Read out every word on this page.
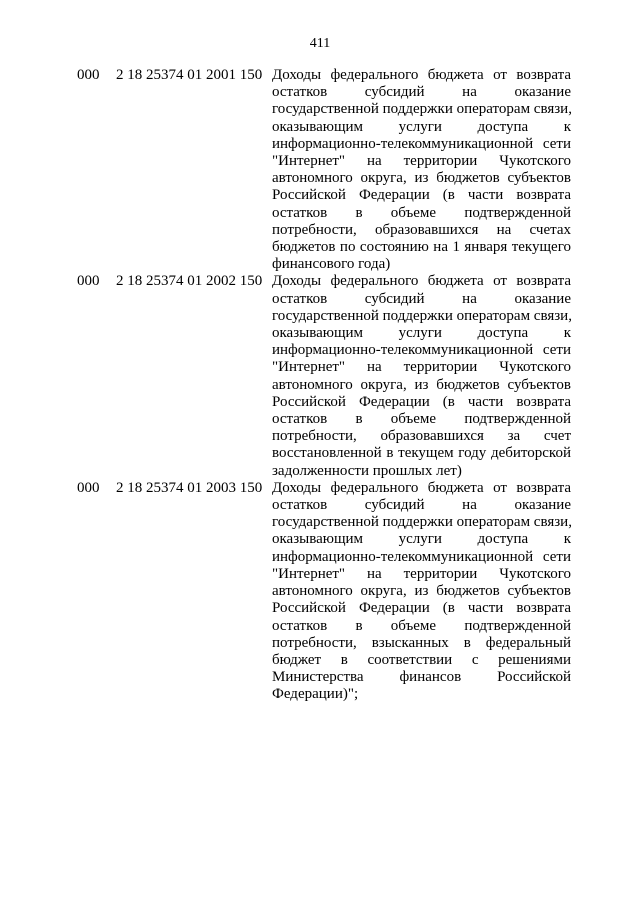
411
000	2 18 25374 01 2001 150 Доходы федерального бюджета от возврата
остатков субсидий на оказание
государственной поддержки операторам связи,
оказывающим услуги доступа к
информационно-телекоммуникационной сети
"Интернет" на территории Чукотского
автономного округа, из бюджетов субъектов
Российской Федерации (в части возврата
остатков в объеме подтвержденной
потребности, образовавшихся на счетах
бюджетов по состоянию на 1 января текущего
финансового года)
000	2 18 25374 01 2002 150 Доходы федерального бюджета от возврата
остатков субсидий на оказание
государственной поддержки операторам связи,
оказывающим услуги доступа к
информационно-телекоммуникационной сети
"Интернет" на территории Чукотского
автономного округа, из бюджетов субъектов
Российской Федерации (в части возврата
остатков в объеме подтвержденной
потребности, образовавшихся за счет
восстановленной в текущем году дебиторской
задолженности прошлых лет)
000	2 18 25374 01 2003 150 Доходы федерального бюджета от возврата
остатков субсидий на оказание
государственной поддержки операторам связи,
оказывающим услуги доступа к
информационно-телекоммуникационной сети
"Интернет" на территории Чукотского
автономного округа, из бюджетов субъектов
Российской Федерации (в части возврата
остатков в объеме подтвержденной
потребности, взысканных в федеральный
бюджет в соответствии с решениями
Министерства финансов Российской
Федерации)";
